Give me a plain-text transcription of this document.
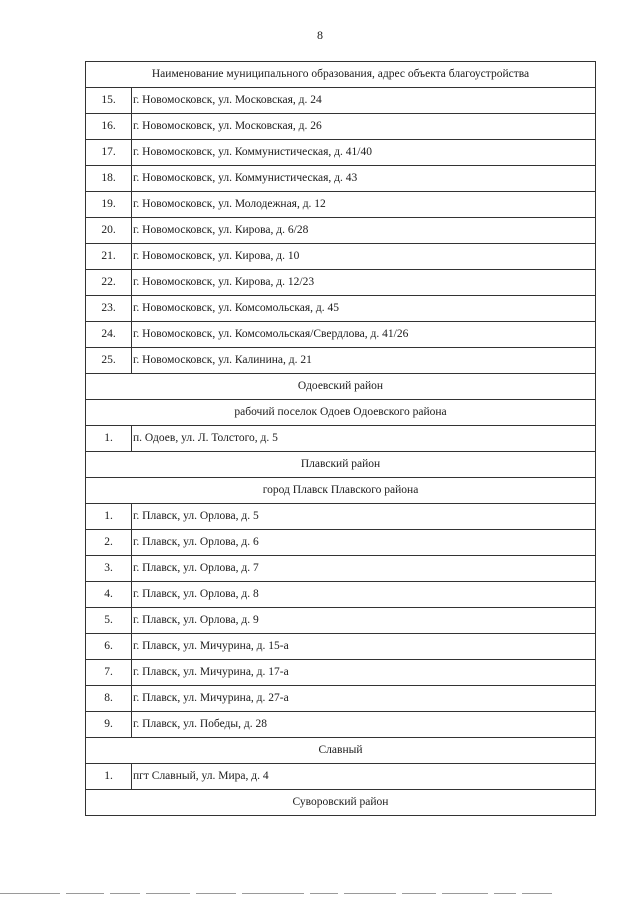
8
Наименование муниципального образования, адрес объекта благоустройства	
15.	г. Новомосковск, ул. Московская, д. 24
16.	г. Новомосковск, ул. Московская, д. 26
17.	г. Новомосковск, ул. Коммунистическая, д. 41/40
18.	г. Новомосковск, ул. Коммунистическая, д. 43
19.	г. Новомосковск, ул. Молодежная, д. 12
20.	г. Новомосковск, ул. Кирова, д. 6/28
21.	г. Новомосковск, ул. Кирова, д. 10
22.	г. Новомосковск, ул. Кирова, д. 12/23
23.	г. Новомосковск, ул. Комсомольская, д. 45
24.	г. Новомосковск, ул. Комсомольская/Свердлова, д. 41/26
25.	г. Новомосковск, ул. Калинина, д. 21
Одоевский район	
рабочий поселок Одоев Одоевского района	
1.	п. Одоев, ул. Л. Толстого, д. 5
Плавский район	
город Плавск Плавского района	
1.	г. Плавск, ул. Орлова, д. 5
2.	г. Плавск, ул. Орлова, д. 6
3.	г. Плавск, ул. Орлова, д. 7
4.	г. Плавск, ул. Орлова, д. 8
5.	г. Плавск, ул. Орлова, д. 9
6.	г. Плавск, ул. Мичурина, д. 15-а
7.	г. Плавск, ул. Мичурина, д. 17-а
8.	г. Плавск, ул. Мичурина, д. 27-а
9.	г. Плавск, ул. Победы, д. 28
Славный	
1.	пгт Славный, ул. Мира, д. 4
Суворовский район	
